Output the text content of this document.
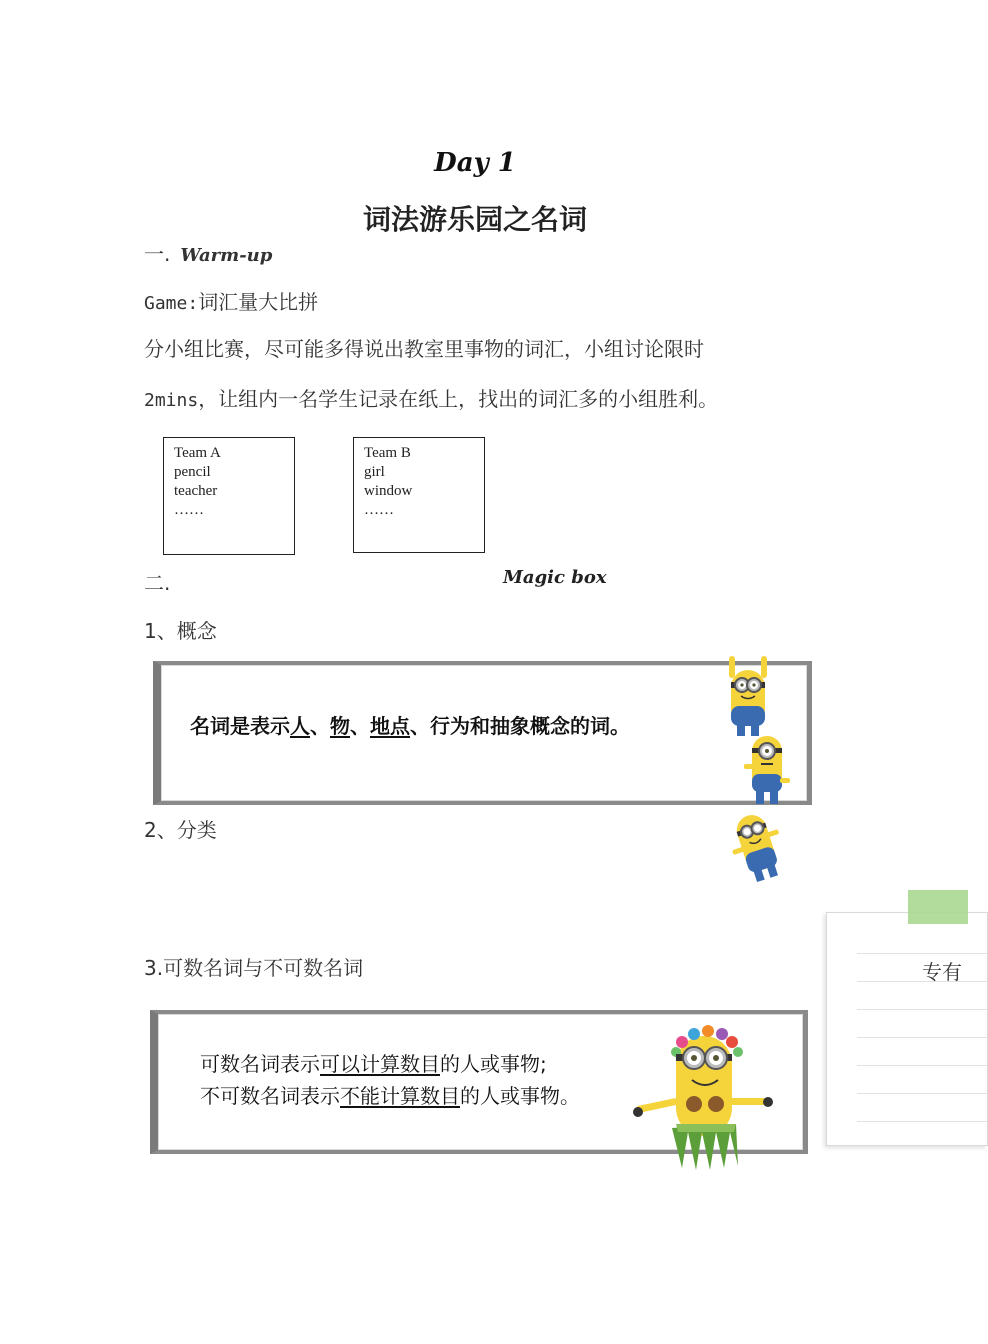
Day 1
词法游乐园之名词
一. Warm-up
Game:词汇量大比拼
分小组比赛，尽可能多得说出教室里事物的词汇，小组讨论限时
2mins，让组内一名学生记录在纸上，找出的词汇多的小组胜利。
Team A
pencil
teacher
……
Team B
girl
window
……
二.	Magic box
1、概念
名词是表示人、物、地点、行为和抽象概念的词。
2、分类
3.可数名词与不可数名词
可数名词表示可以计算数目的人或事物;
不可数名词表示不能计算数目的人或事物。
专有
